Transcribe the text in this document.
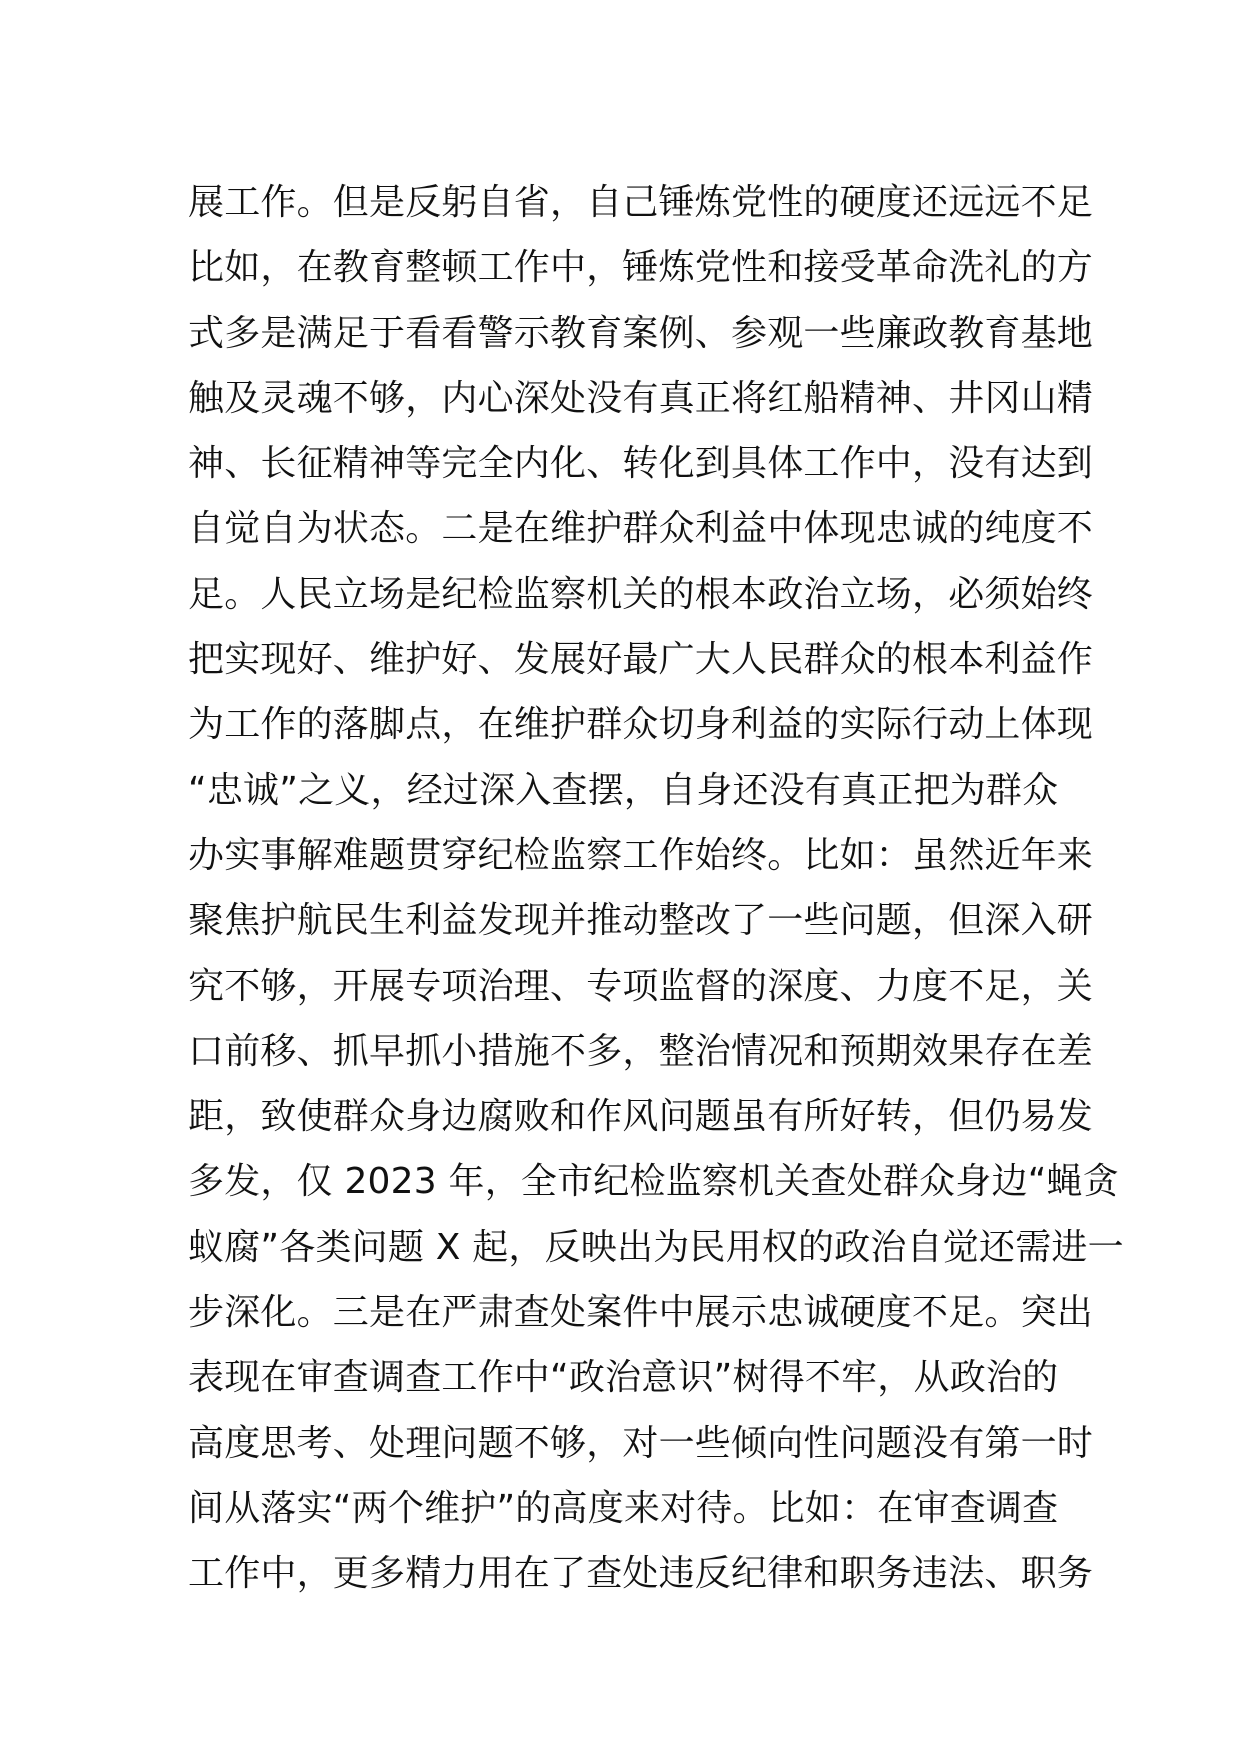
展工作。但是反躬自省，自己锤炼党性的硬度还远远不足
比如，在教育整顿工作中，锤炼党性和接受革命洗礼的方
式多是满足于看看警示教育案例、参观一些廉政教育基地
触及灵魂不够，内心深处没有真正将红船精神、井冈山精
神、长征精神等完全内化、转化到具体工作中，没有达到
自觉自为状态。二是在维护群众利益中体现忠诚的纯度不
足。人民立场是纪检监察机关的根本政治立场，必须始终
把实现好、维护好、发展好最广大人民群众的根本利益作
为工作的落脚点，在维护群众切身利益的实际行动上体现
“忠诚”之义，经过深入查摆，自身还没有真正把为群众
办实事解难题贯穿纪检监察工作始终。比如：虽然近年来
聚焦护航民生利益发现并推动整改了一些问题，但深入研
究不够，开展专项治理、专项监督的深度、力度不足，关
口前移、抓早抓小措施不多，整治情况和预期效果存在差
距，致使群众身边腐败和作风问题虽有所好转，但仍易发
多发，仅 2023 年，全市纪检监察机关查处群众身边“蝇贪
蚁腐”各类问题 X 起，反映出为民用权的政治自觉还需进一
步深化。三是在严肃查处案件中展示忠诚硬度不足。突出
表现在审查调查工作中“政治意识”树得不牢，从政治的
高度思考、处理问题不够，对一些倾向性问题没有第一时
间从落实“两个维护”的高度来对待。比如：在审查调查
工作中，更多精力用在了查处违反纪律和职务违法、职务
